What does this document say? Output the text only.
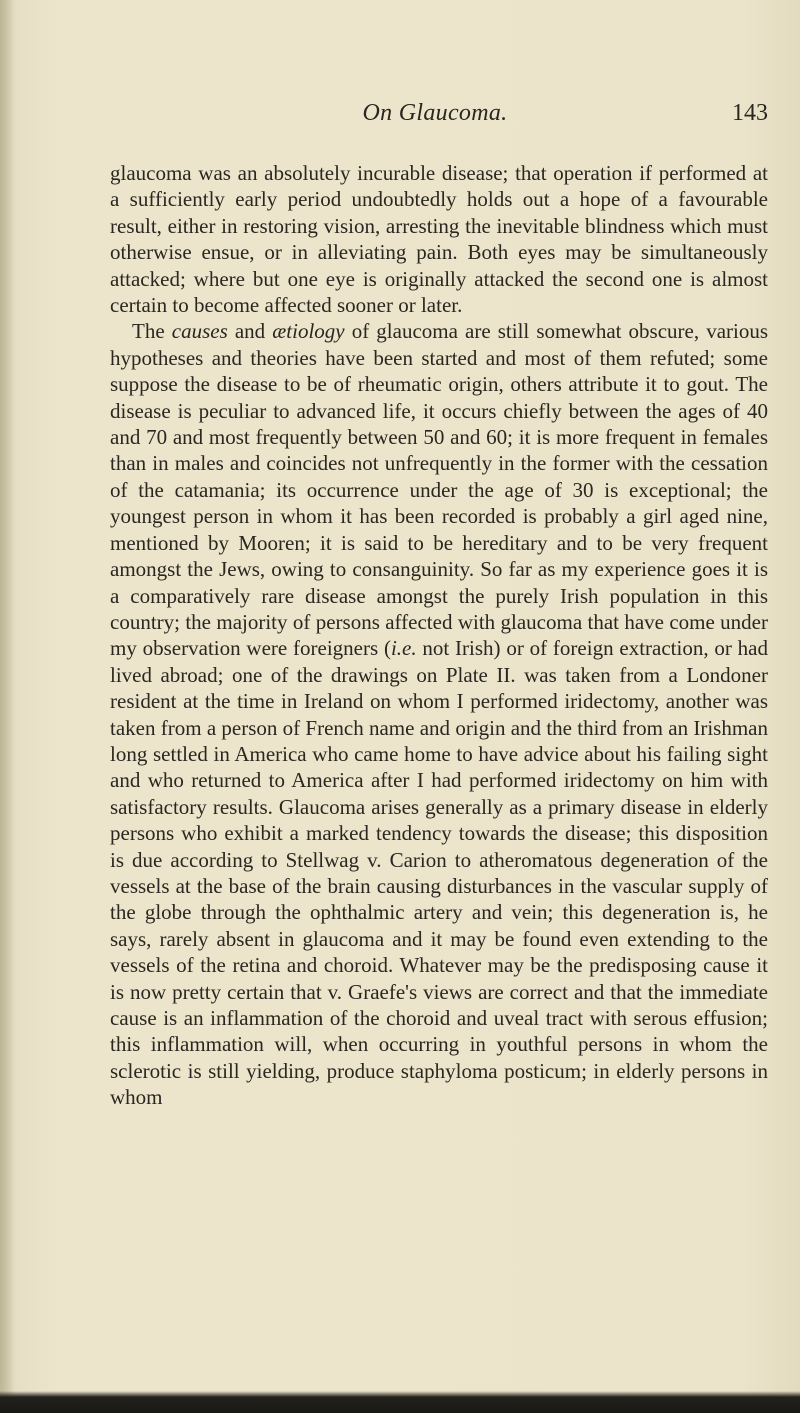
On Glaucoma.	143

glaucoma was an absolutely incurable disease; that operation if performed at a sufficiently early period undoubtedly holds out a hope of a favourable result, either in restoring vision, arresting the inevitable blindness which must otherwise ensue, or in alleviating pain. Both eyes may be simultaneously attacked; where but one eye is originally attacked the second one is almost certain to become affected sooner or later.

The causes and ætiology of glaucoma are still somewhat obscure, various hypotheses and theories have been started and most of them refuted; some suppose the disease to be of rheumatic origin, others attribute it to gout. The disease is peculiar to advanced life, it occurs chiefly between the ages of 40 and 70 and most frequently between 50 and 60; it is more frequent in females than in males and coincides not unfrequently in the former with the cessation of the catamania; its occurrence under the age of 30 is exceptional; the youngest person in whom it has been recorded is probably a girl aged nine, mentioned by Mooren; it is said to be hereditary and to be very frequent amongst the Jews, owing to consanguinity. So far as my experience goes it is a comparatively rare disease amongst the purely Irish population in this country; the majority of persons affected with glaucoma that have come under my observation were foreigners (i.e. not Irish) or of foreign extraction, or had lived abroad; one of the drawings on Plate II. was taken from a Londoner resident at the time in Ireland on whom I performed iridectomy, another was taken from a person of French name and origin and the third from an Irishman long settled in America who came home to have advice about his failing sight and who returned to America after I had performed iridectomy on him with satisfactory results. Glaucoma arises generally as a primary disease in elderly persons who exhibit a marked tendency towards the disease; this disposition is due according to Stellwag v. Carion to atheromatous degeneration of the vessels at the base of the brain causing disturbances in the vascular supply of the globe through the ophthalmic artery and vein; this degeneration is, he says, rarely absent in glaucoma and it may be found even extending to the vessels of the retina and choroid. Whatever may be the predisposing cause it is now pretty certain that v. Graefe's views are correct and that the immediate cause is an inflammation of the choroid and uveal tract with serous effusion; this inflammation will, when occurring in youthful persons in whom the sclerotic is still yielding, produce staphyloma posticum; in elderly persons in whom
